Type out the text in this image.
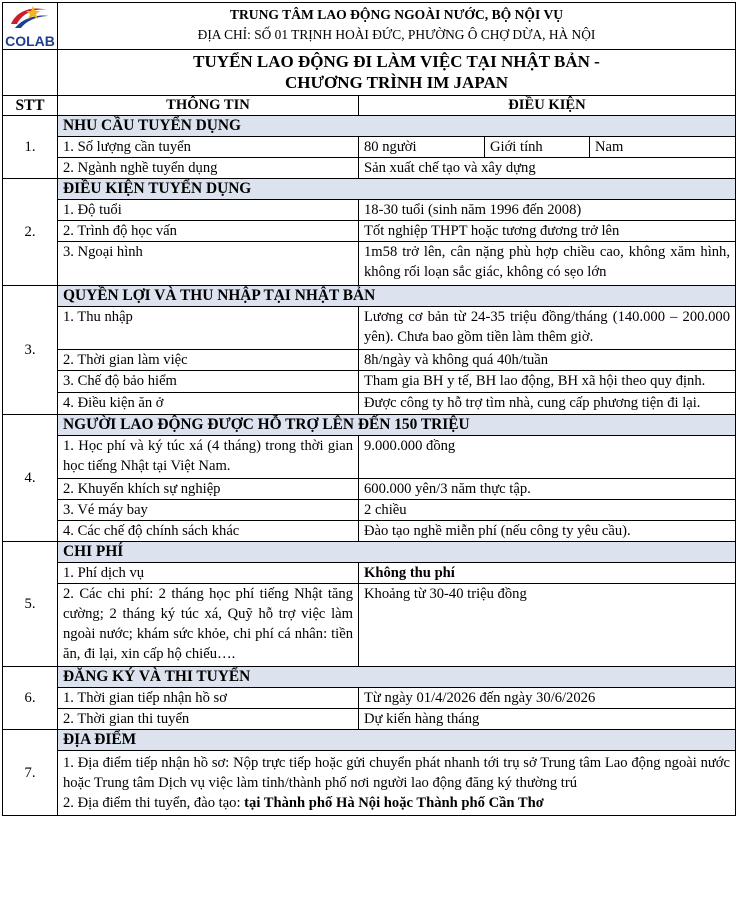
COLAB	TRUNG TÂM LAO ĐỘNG NGOÀI NƯỚC, BỘ NỘI VỤ
ĐỊA CHỈ: SỐ 01 TRỊNH HOÀI ĐỨC, PHƯỜNG Ô CHỢ DỪA, HÀ NỘI			
	TUYỂN LAO ĐỘNG ĐI LÀM VIỆC TẠI NHẬT BẢN -
CHƯƠNG TRÌNH IM JAPAN			
STT	THÔNG TIN	ĐIỀU KIỆN		
1.	NHU CẦU TUYỂN DỤNG			
	1. Số lượng cần tuyển	80 người	Giới tính	Nam
	2. Ngành nghề tuyển dụng	Sản xuất chế tạo và xây dựng		
2.	ĐIỀU KIỆN TUYỂN DỤNG			
	1. Độ tuổi	18-30 tuổi (sinh năm 1996 đến 2008)		
	2. Trình độ học vấn	Tốt nghiệp THPT hoặc tương đương trở lên		
	3. Ngoại hình	1m58 trở lên, cân nặng phù hợp chiều cao, không xăm hình, không rối loạn sắc giác, không có sẹo lớn		
3.	QUYỀN LỢI VÀ THU NHẬP TẠI NHẬT BẢN			
	1. Thu nhập	Lương cơ bản từ 24-35 triệu đồng/tháng (140.000 – 200.000 yên). Chưa bao gồm tiền làm thêm giờ.		
	2. Thời gian làm việc	8h/ngày và không quá 40h/tuần		
	3. Chế độ bảo hiểm	Tham gia BH y tế, BH lao động, BH xã hội theo quy định.		
	4. Điều kiện ăn ở	Được công ty hỗ trợ tìm nhà, cung cấp phương tiện đi lại.		
4.	NGƯỜI LAO ĐỘNG ĐƯỢC HỖ TRỢ LÊN ĐẾN 150 TRIỆU			
	1. Học phí và ký túc xá (4 tháng) trong thời gian học tiếng Nhật tại Việt Nam.	9.000.000 đồng		
	2. Khuyến khích sự nghiệp	600.000 yên/3 năm thực tập.		
	3. Vé máy bay	2 chiều		
	4. Các chế độ chính sách khác	Đào tạo nghề miễn phí (nếu công ty yêu cầu).		
5.	CHI PHÍ			
	1. Phí dịch vụ	Không thu phí		
	2. Các chi phí: 2 tháng học phí tiếng Nhật tăng cường; 2 tháng ký túc xá, Quỹ hỗ trợ việc làm ngoài nước; khám sức khỏe, chi phí cá nhân: tiền ăn, đi lại, xin cấp hộ chiếu….	Khoảng từ 30-40 triệu đồng		
6.	ĐĂNG KÝ VÀ THI TUYỂN			
	1. Thời gian tiếp nhận hồ sơ	Từ ngày 01/4/2026 đến ngày 30/6/2026		
	2. Thời gian thi tuyển	Dự kiến hàng tháng		
7.	ĐỊA ĐIỂM			
	1. Địa điểm tiếp nhận hồ sơ: Nộp trực tiếp hoặc gửi chuyển phát nhanh tới trụ sở Trung tâm Lao động ngoài nước hoặc Trung tâm Dịch vụ việc làm tỉnh/thành phố nơi người lao động đăng ký thường trú
2. Địa điểm thi tuyển, đào tạo: tại Thành phố Hà Nội hoặc Thành phố Cần Thơ			
